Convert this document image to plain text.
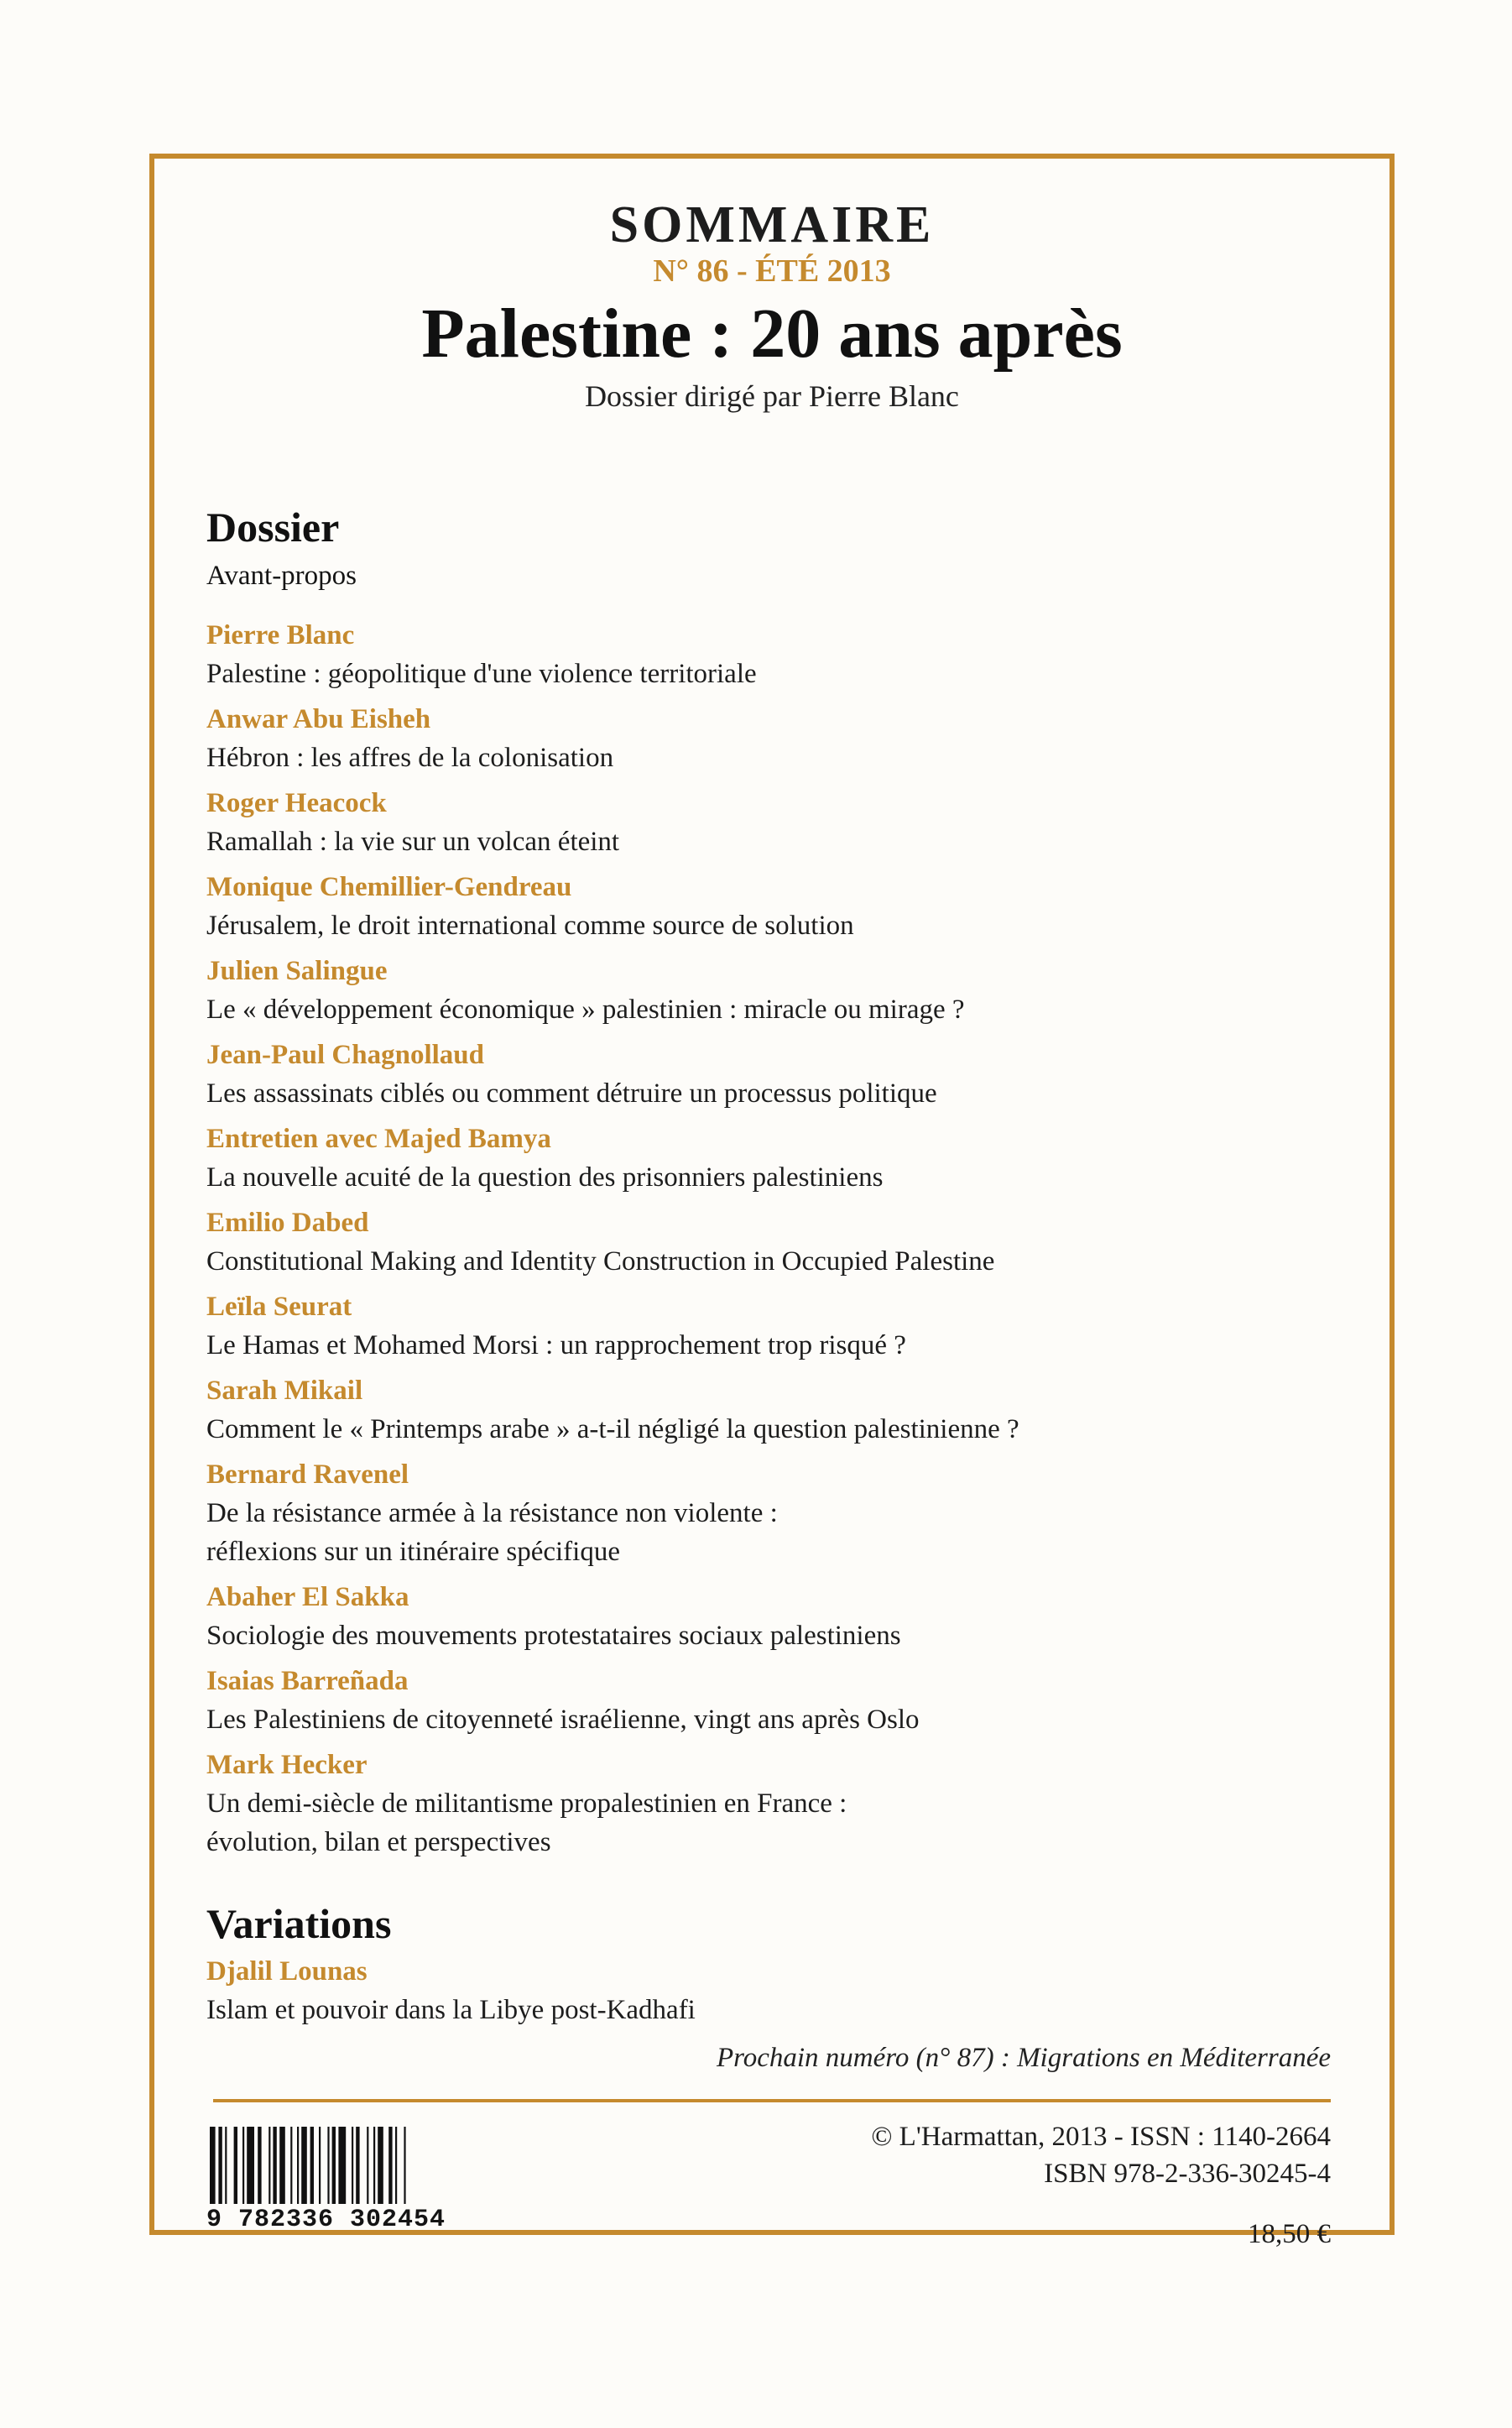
SOMMAIRE
N° 86 - ÉTÉ 2013
Palestine : 20 ans après
Dossier dirigé par Pierre Blanc
Dossier
Avant-propos
Pierre Blanc
Palestine : géopolitique d'une violence territoriale
Anwar Abu Eisheh
Hébron : les affres de la colonisation
Roger Heacock
Ramallah : la vie sur un volcan éteint
Monique Chemillier-Gendreau
Jérusalem, le droit international comme source de solution
Julien Salingue
Le « développement économique » palestinien : miracle ou mirage ?
Jean-Paul Chagnollaud
Les assassinats ciblés ou comment détruire un processus politique
Entretien avec Majed Bamya
La nouvelle acuité de la question des prisonniers palestiniens
Emilio Dabed
Constitutional Making and Identity Construction in Occupied Palestine
Leïla Seurat
Le Hamas et Mohamed Morsi : un rapprochement trop risqué ?
Sarah Mikail
Comment le « Printemps arabe » a-t-il négligé la question palestinienne ?
Bernard Ravenel
De la résistance armée à la résistance non violente :
réflexions sur un itinéraire spécifique
Abaher El Sakka
Sociologie des mouvements protestataires sociaux palestiniens
Isaias Barreñada
Les Palestiniens de citoyenneté israélienne, vingt ans après Oslo
Mark Hecker
Un demi-siècle de militantisme propalestinien en France :
évolution, bilan et perspectives
Variations
Djalil Lounas
Islam et pouvoir dans la Libye post-Kadhafi
Prochain numéro (n° 87) : Migrations en Méditerranée
9 782336 302454
© L'Harmattan, 2013 - ISSN : 1140-2664
ISBN 978-2-336-30245-4
18,50 €
